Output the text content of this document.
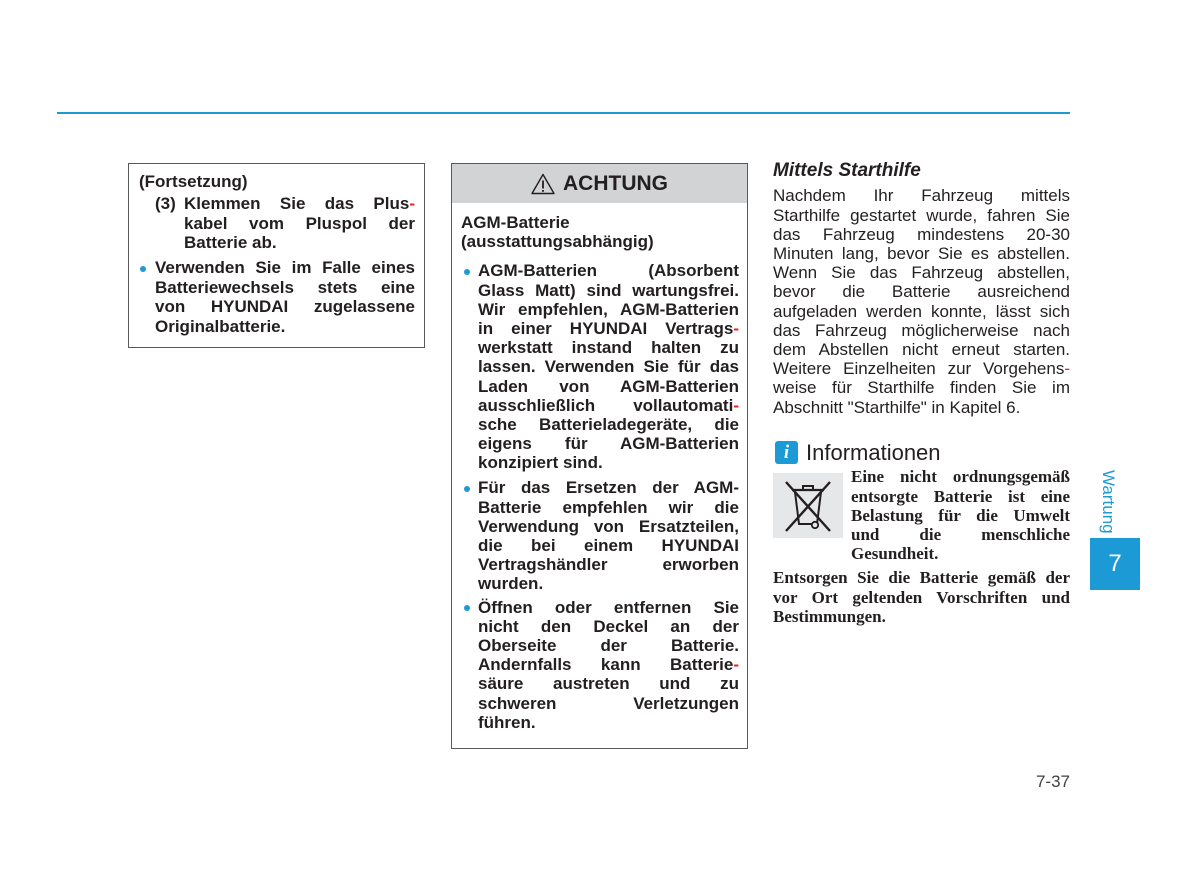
(Fortsetzung)
(3) Klemmen Sie das Plus-
kabel vom Pluspol der
Batterie ab.
Verwenden Sie im Falle eines
Batteriewechsels stets eine
von HYUNDAI zugelassene
Originalbatterie.
ACHTUNG
AGM-Batterie
(ausstattungsabhängig)
AGM-Batterien (Absorbent
Glass Matt) sind wartungsfrei.
Wir empfehlen, AGM-Batterien
in einer HYUNDAI Vertrags-
werkstatt instand halten zu
lassen. Verwenden Sie für das
Laden von AGM-Batterien
ausschließlich vollautomati-
sche Batterieladegeräte, die
eigens für AGM-Batterien
konzipiert sind.
Für das Ersetzen der AGM-
Batterie empfehlen wir die
Verwendung von Ersatzteilen,
die bei einem HYUNDAI
Vertragshändler erworben
wurden.
Öffnen oder entfernen Sie
nicht den Deckel an der
Oberseite der Batterie.
Andernfalls kann Batterie-
säure austreten und zu
schweren Verletzungen
führen.
Mittels Starthilfe
Nachdem Ihr Fahrzeug mittels
Starthilfe gestartet wurde, fahren Sie
das Fahrzeug mindestens 20-30
Minuten lang, bevor Sie es abstellen.
Wenn Sie das Fahrzeug abstellen,
bevor die Batterie ausreichend
aufgeladen werden konnte, lässt sich
das Fahrzeug möglicherweise nach
dem Abstellen nicht erneut starten.
Weitere Einzelheiten zur Vorgehens-
weise für Starthilfe finden Sie im
Abschnitt "Starthilfe" in Kapitel 6.
i Informationen
Eine nicht ordnungsgemäß
entsorgte Batterie ist eine
Belastung für die Umwelt
und die menschliche
Gesundheit.
Entsorgen Sie die Batterie gemäß der
vor Ort geltenden Vorschriften und
Bestimmungen.
Wartung
7
7-37
